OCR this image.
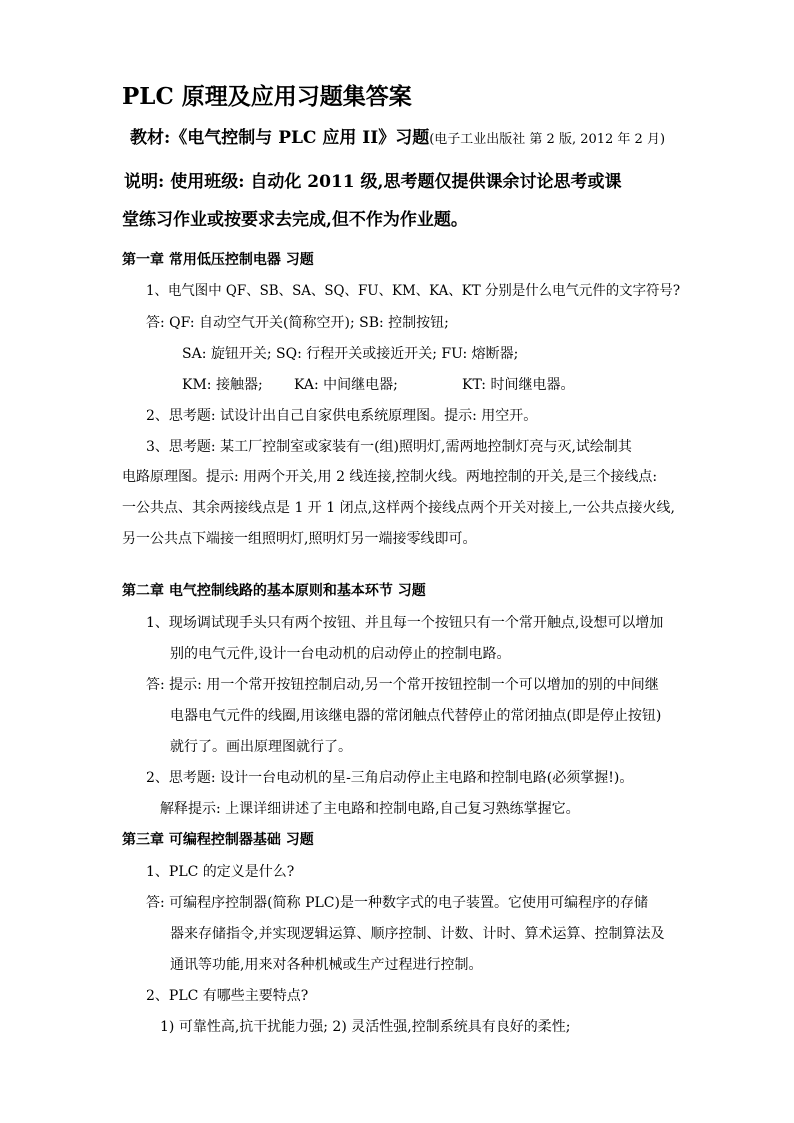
PLC 原理及应用习题集答案
教材:《电气控制与 PLC 应用 II》习题(电子工业出版社 第 2 版, 2012 年 2 月)
说明: 使用班级: 自动化 2011 级,思考题仅提供课余讨论思考或课
堂练习作业或按要求去完成,但不作为作业题。
第一章 常用低压控制电器 习题
1、电气图中 QF、SB、SA、SQ、FU、KM、KA、KT 分别是什么电气元件的文字符号?
答: QF: 自动空气开关(简称空开); SB: 控制按钮;
SA: 旋钮开关; SQ: 行程开关或接近开关; FU: 熔断器;
KM: 接触器; KA: 中间继电器;	KT: 时间继电器。
2、思考题: 试设计出自己自家供电系统原理图。提示: 用空开。
3、思考题: 某工厂控制室或家装有一(组)照明灯,需两地控制灯亮与灭,试绘制其
电路原理图。提示: 用两个开关,用 2 线连接,控制火线。两地控制的开关,是三个接线点:
一公共点、其余两接线点是 1 开 1 闭点,这样两个接线点两个开关对接上,一公共点接火线,
另一公共点下端接一组照明灯,照明灯另一端接零线即可。
第二章 电气控制线路的基本原则和基本环节 习题
1、现场调试现手头只有两个按钮、并且每一个按钮只有一个常开触点,设想可以增加
别的电气元件,设计一台电动机的启动停止的控制电路。
答: 提示: 用一个常开按钮控制启动,另一个常开按钮控制一个可以增加的别的中间继
电器电气元件的线圈,用该继电器的常闭触点代替停止的常闭抽点(即是停止按钮)
就行了。画出原理图就行了。
2、思考题: 设计一台电动机的星-三角启动停止主电路和控制电路(必须掌握!)。
解释提示: 上课详细讲述了主电路和控制电路,自己复习熟练掌握它。
第三章 可编程控制器基础 习题
1、PLC 的定义是什么?
答: 可编程序控制器(简称 PLC)是一种数字式的电子装置。它使用可编程序的存储
器来存储指令,并实现逻辑运算、顺序控制、计数、计时、算术运算、控制算法及
通讯等功能,用来对各种机械或生产过程进行控制。
2、PLC 有哪些主要特点?
1) 可靠性高,抗干扰能力强; 2) 灵活性强,控制系统具有良好的柔性;
